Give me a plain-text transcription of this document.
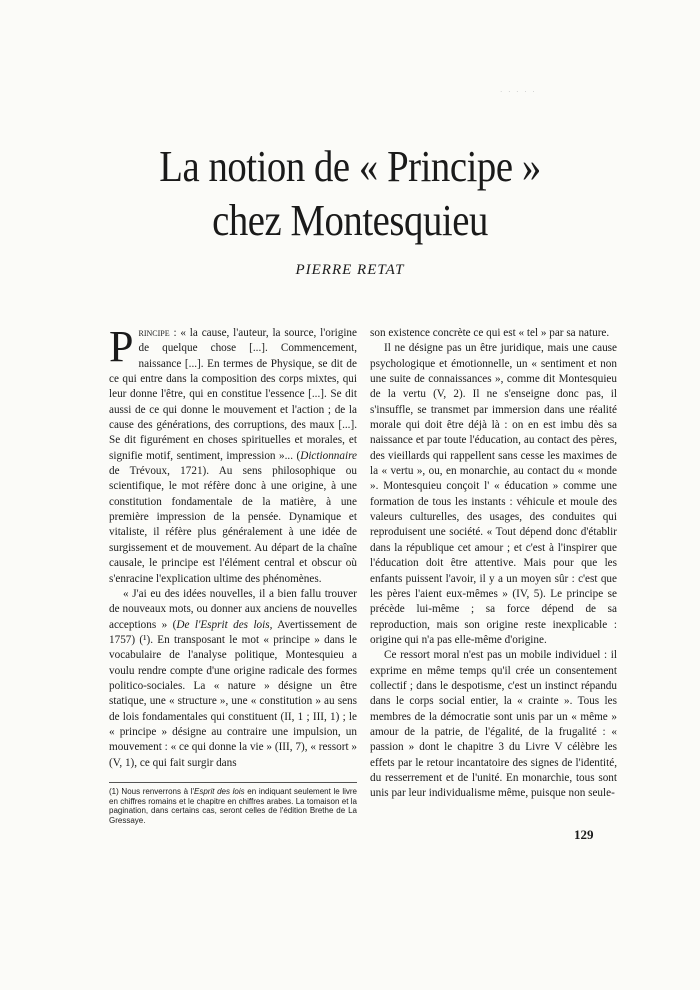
· · · · ·
La notion de « Principe »
chez Montesquieu
PIERRE RETAT

Principe : « la cause, l'auteur, la source, l'origine de quelque chose [...]. Commencement, naissance [...]. En termes de Physique, se dit de ce qui entre dans la composition des corps mixtes, qui leur donne l'être, qui en constitue l'essence [...]. Se dit aussi de ce qui donne le mouvement et l'action ; de la cause des générations, des corruptions, des maux [...]. Se dit figurément en choses spirituelles et morales, et signifie motif, sentiment, impression »... (Dictionnaire de Trévoux, 1721). Au sens philosophique ou scientifique, le mot réfère donc à une origine, à une constitution fondamentale de la matière, à une première impression de la pensée. Dynamique et vitaliste, il réfère plus généralement à une idée de surgissement et de mouvement. Au départ de la chaîne causale, le principe est l'élément central et obscur où s'enracine l'explication ultime des phénomènes.

« J'ai eu des idées nouvelles, il a bien fallu trouver de nouveaux mots, ou donner aux anciens de nouvelles acceptions » (De l'Esprit des lois, Avertissement de 1757) (¹). En transposant le mot « principe » dans le vocabulaire de l'analyse politique, Montesquieu a voulu rendre compte d'une origine radicale des formes politico-sociales. La « nature » désigne un être statique, une « structure », une « constitution » au sens de lois fondamentales qui constituent (II, 1 ; III, 1) ; le « principe » désigne au contraire une impulsion, un mouvement : « ce qui donne la vie » (III, 7), « ressort » (V, 1), ce qui fait surgir dans

son existence concrète ce qui est « tel » par sa nature.

Il ne désigne pas un être juridique, mais une cause psychologique et émotionnelle, un « sentiment et non une suite de connaissances », comme dit Montesquieu de la vertu (V, 2). Il ne s'enseigne donc pas, il s'insuffle, se transmet par immersion dans une réalité morale qui doit être déjà là : on en est imbu dès sa naissance et par toute l'éducation, au contact des pères, des vieillards qui rappellent sans cesse les maximes de la « vertu », ou, en monarchie, au contact du « monde ». Montesquieu conçoit l' « éducation » comme une formation de tous les instants : véhicule et moule des valeurs culturelles, des usages, des conduites qui reproduisent une société. « Tout dépend donc d'établir dans la république cet amour ; et c'est à l'inspirer que l'éducation doit être attentive. Mais pour que les enfants puissent l'avoir, il y a un moyen sûr : c'est que les pères l'aient eux-mêmes » (IV, 5). Le principe se précède lui-même ; sa force dépend de sa reproduction, mais son origine reste inexplicable : origine qui n'a pas elle-même d'origine.

Ce ressort moral n'est pas un mobile individuel : il exprime en même temps qu'il crée un consentement collectif ; dans le despotisme, c'est un instinct répandu dans le corps social entier, la « crainte ». Tous les membres de la démocratie sont unis par un « même » amour de la patrie, de l'égalité, de la frugalité : « passion » dont le chapitre 3 du Livre V célèbre les effets par le retour incantatoire des signes de l'identité, du resserrement et de l'unité. En monarchie, tous sont unis par leur individualisme même, puisque non seule-

(1) Nous renverrons à l'Esprit des lois en indiquant seulement le livre en chiffres romains et le chapitre en chiffres arabes. La tomaison et la pagination, dans certains cas, seront celles de l'édition Brethe de La Gressaye.

129
